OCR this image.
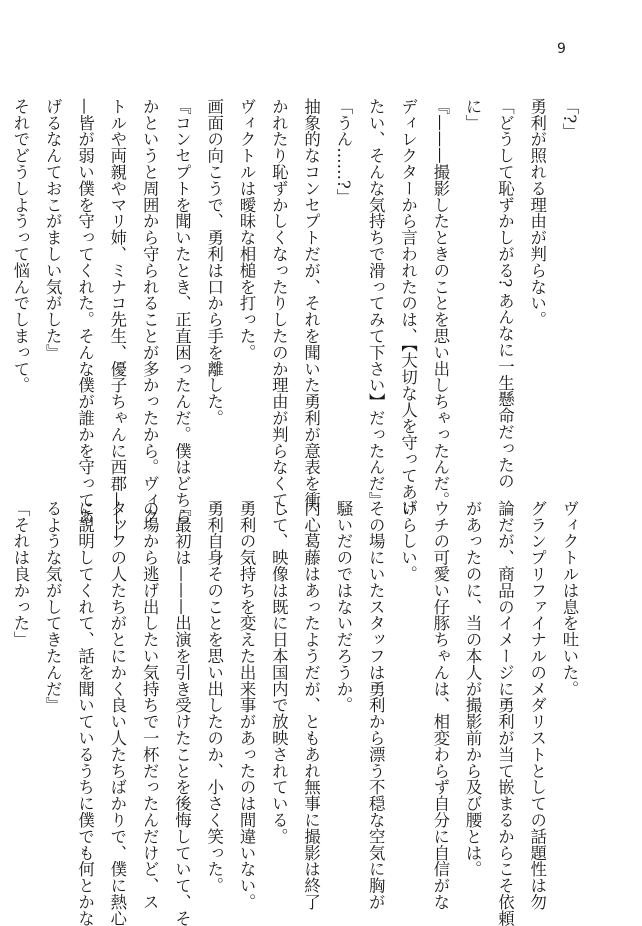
9
「?」
勇利が照れる理由が判らない。
「どうして恥ずかしがる? あんなに一生懸命だったの
に」
『———撮影したときのことを思い出しちゃったんだ。
ディレクターから言われたのは、【大切な人を守ってあげ
たい、そんな気持ちで滑ってみて下さい】だったんだ』
「うん……?」
抽象的なコンセプトだが、それを聞いた勇利が意表を衝
かれたり恥ずかしくなったりしたのか理由が判らなくて、
ヴィクトルは曖昧な相槌を打った。
画面の向こうで、勇利は口から手を離した。
『コンセプトを聞いたとき、正直困ったんだ。僕はどちら
かというと周囲から守られることが多かったから。ヴィク
トルや両親やマリ姉、ミナコ先生、優子ちゃんに西郡———
—皆が弱い僕を守ってくれた。そんな僕が誰かを守ってあ
げるなんておこがましい気がした』
それでどうしようって悩んでしまって。
ヴィクトルは息を吐いた。
グランプリファイナルのメダリストとしての話題性は勿
論だが、商品のイメージに勇利が当て嵌まるからこそ依頼
があったのに、当の本人が撮影前から及び腰とは。
ウチの可愛い仔豚ちゃんは、相変わらず自分に自信がな
いらしい。
その場にいたスタッフは勇利から漂う不穏な空気に胸が
騒いだのではないだろうか。
内心葛藤はあったようだが、ともあれ無事に撮影は終了
して、映像は既に日本国内で放映されている。
勇利の気持ちを変えた出来事があったのは間違いない。
勇利自身そのことを思い出したのか、小さく笑った。
『最初は———出演を引き受けたことを後悔していて、そ
の場から逃げ出したい気持ちで一杯だったんだけど、ス
タッフの人たちがとにかく良い人たちばかりで、僕に熱心
に説明してくれて、話を聞いているうちに僕でも何とかな
るような気がしてきたんだ』
「それは良かった」
